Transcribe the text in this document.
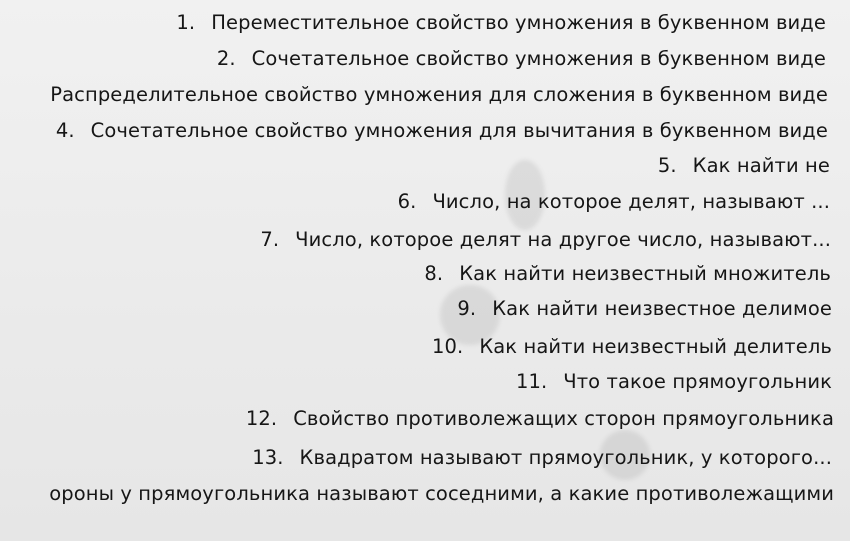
1. Переместительное свойство умножения в буквенном виде

2. Сочетательное свойство умножения в буквенном виде

Распределительное свойство умножения для сложения в буквенном виде

4. Сочетательное свойство умножения для вычитания в буквенном виде

5. Как найти не

6. Число, на которое делят, называют ...

7. Число, которое делят на другое число, называют...

8. Как найти неизвестный множитель

9. Как найти неизвестное делимое

10. Как найти неизвестный делитель

11. Что такое прямоугольник

12. Свойство противолежащих сторон прямоугольника

13. Квадратом называют прямоугольник, у которого...

ороны у прямоугольника называют соседними, а какие противолежащими
